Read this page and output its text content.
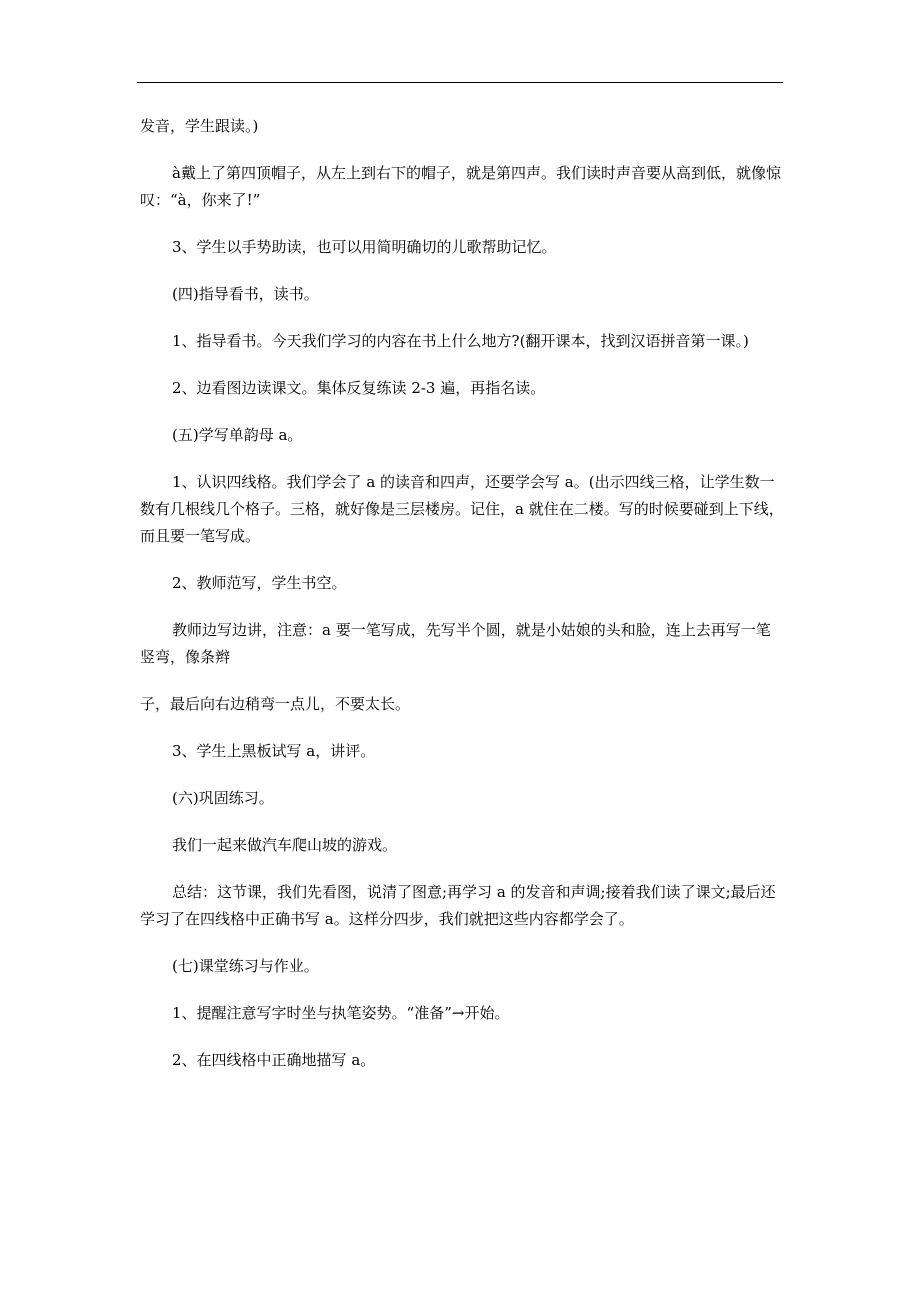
发音，学生跟读。)

à戴上了第四顶帽子，从左上到右下的帽子，就是第四声。我们读时声音要从高到低，就像惊叹：“à，你来了!”

3、学生以手势助读，也可以用简明确切的儿歌帮助记忆。

(四)指导看书，读书。

1、指导看书。今天我们学习的内容在书上什么地方?(翻开课本，找到汉语拼音第一课。)

2、边看图边读课文。集体反复练读 2-3 遍，再指名读。

(五)学写单韵母 a。

1、认识四线格。我们学会了 a 的读音和四声，还要学会写 a。(出示四线三格，让学生数一数有几根线几个格子。三格，就好像是三层楼房。记住，a 就住在二楼。写的时候要碰到上下线，而且要一笔写成。

2、教师范写，学生书空。

教师边写边讲，注意：a 要一笔写成，先写半个圆，就是小姑娘的头和脸，连上去再写一笔竖弯，像条辫

子，最后向右边稍弯一点儿，不要太长。

3、学生上黑板试写 a，讲评。

(六)巩固练习。

我们一起来做汽车爬山坡的游戏。

总结：这节课，我们先看图，说清了图意;再学习 a 的发音和声调;接着我们读了课文;最后还学习了在四线格中正确书写 a。这样分四步，我们就把这些内容都学会了。

(七)课堂练习与作业。

1、提醒注意写字时坐与执笔姿势。“准备”→开始。

2、在四线格中正确地描写 a。
